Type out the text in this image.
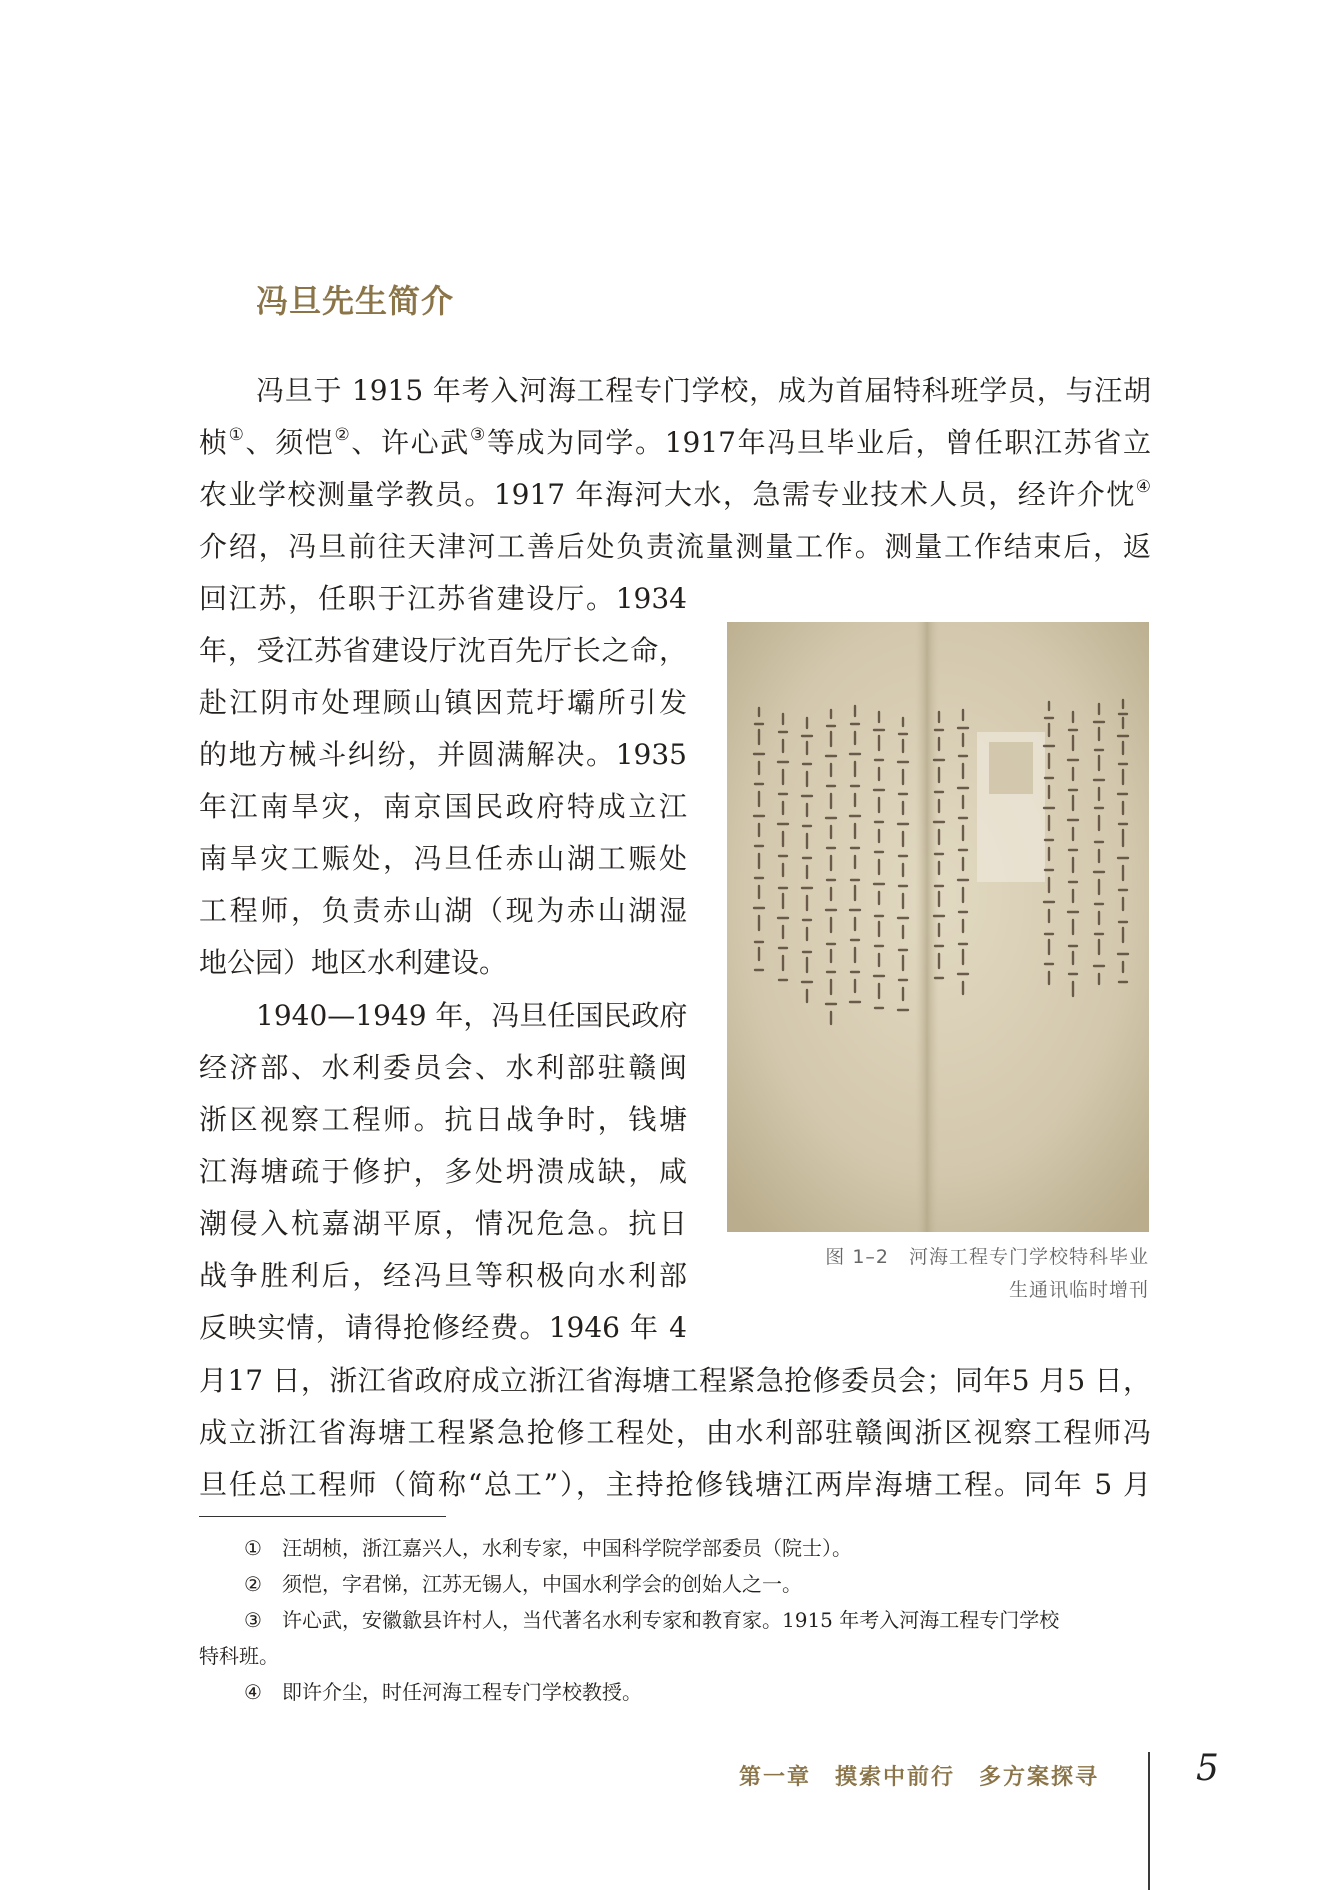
冯旦先生简介
冯旦于 1915 年考入河海工程专门学校，成为首届特科班学员，与汪胡
桢①、须恺②、许心武③等成为同学。1917年冯旦毕业后，曾任职江苏省立
农业学校测量学教员。1917 年海河大水，急需专业技术人员，经许介忱④
介绍，冯旦前往天津河工善后处负责流量测量工作。测量工作结束后，返
回江苏，任职于江苏省建设厅。1934
年，受江苏省建设厅沈百先厅长之命，
赴江阴市处理顾山镇因荒圩壩所引发
的地方械斗纠纷，并圆满解决。1935
年江南旱灾，南京国民政府特成立江
南旱灾工赈处，冯旦任赤山湖工赈处
工程师，负责赤山湖（现为赤山湖湿
地公园）地区水利建设。
1940—1949 年，冯旦任国民政府
经济部、水利委员会、水利部驻赣闽
浙区视察工程师。抗日战争时，钱塘
江海塘疏于修护，多处坍溃成缺，咸
潮侵入杭嘉湖平原，情况危急。抗日
战争胜利后，经冯旦等积极向水利部
反映实情，请得抢修经费。1946 年 4
月17 日，浙江省政府成立浙江省海塘工程紧急抢修委员会；同年5 月5 日，
成立浙江省海塘工程紧急抢修工程处，由水利部驻赣闽浙区视察工程师冯
旦任总工程师（简称“总工”），主持抢修钱塘江两岸海塘工程。同年 5 月
图 1–2　河海工程专门学校特科毕业
生通讯临时增刊
① 汪胡桢，浙江嘉兴人，水利专家，中国科学院学部委员（院士）。
② 须恺，字君悌，江苏无锡人，中国水利学会的创始人之一。
③ 许心武，安徽歙县许村人，当代著名水利专家和教育家。1915 年考入河海工程专门学校
特科班。
④ 即许介尘，时任河海工程专门学校教授。
第一章　摸索中前行　多方案探寻	5
